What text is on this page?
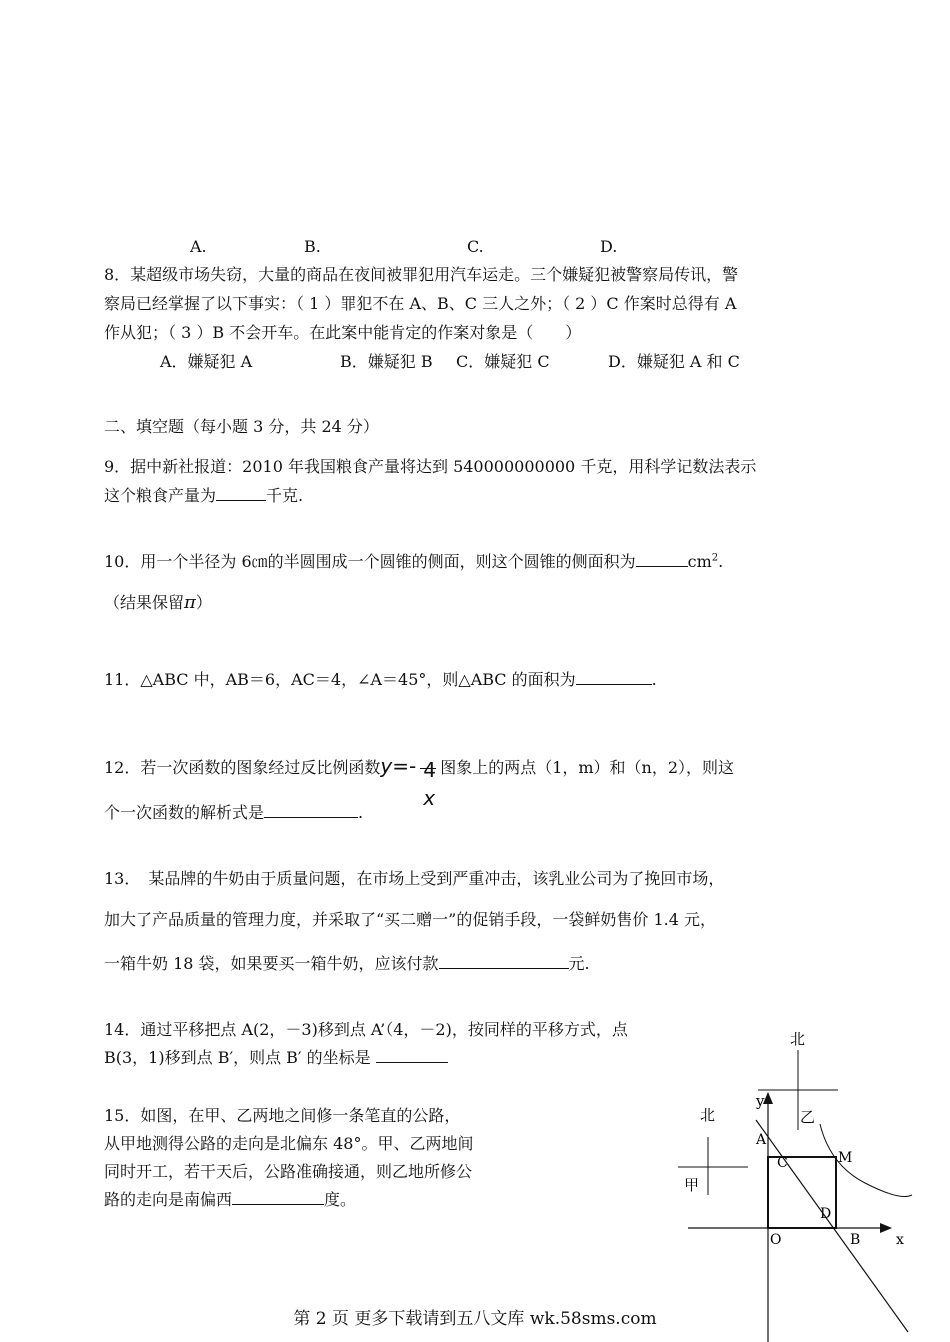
A.	B.	C.	D.
8．某超级市场失窃，大量的商品在夜间被罪犯用汽车运走。三个嫌疑犯被警察局传讯，警
察局已经掌握了以下事实：（ 1 ）罪犯不在 A、B、C 三人之外；（ 2 ）C 作案时总得有 A
作从犯；（ 3 ）B 不会开车。在此案中能肯定的作案对象是（　　）
A．嫌疑犯 A	B．嫌疑犯 B C．嫌疑犯 C	D．嫌疑犯 A 和 C
二、填空题（每小题 3 分，共 24 分）
9．据中新社报道：2010 年我国粮食产量将达到 540000000000 千克，用科学记数法表示
这个粮食产量为	千克.
10．用一个半径为 6㎝的半圆围成一个圆锥的侧面，则这个圆锥的侧面积为	$cm^2$.
（结果保留π）
11．△ABC 中，AB＝6，AC＝4，∠A＝45°，则△ABC 的面积为	.
12．若一次函数的图象经过反比例函数y=- 4
x
图象上的两点（1，m）和（n，2），则这
个一次函数的解析式是	.
13．　某品牌的牛奶由于质量问题，在市场上受到严重冲击，该乳业公司为了挽回市场，
加大了产品质量的管理力度，并采取了“买二赠一”的促销手段，一袋鲜奶售价 1.4 元，
一箱牛奶 18 袋，如果要买一箱牛奶，应该付款	元.
14．通过平移把点 A(2，－3)移到点 A’（4，－2)，按同样的平移方式，点
B(3，1)移到点 B′，则点 B′ 的坐标是
15．如图，在甲、乙两地之间修一条笔直的公路，
从甲地测得公路的走向是北偏东 48°。甲、乙两地间
同时开工，若干天后，公路准确接通，则乙地所修公
路的走向是南偏西	度。
北
乙
北
甲
y
x
A
C	M
D
O	B
第 2 页 更多下载请到五八文库 wk.58sms.com
